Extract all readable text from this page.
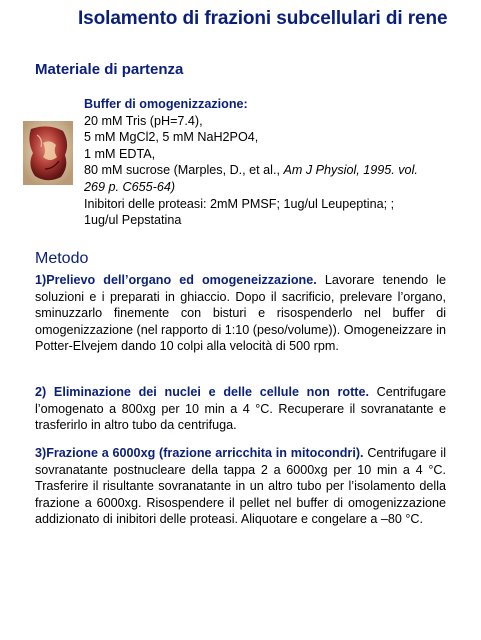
Isolamento di frazioni subcellulari di rene
Materiale di partenza
Buffer di omogenizzazione:
20 mM Tris (pH=7.4),
5 mM MgCl2, 5 mM NaH2PO4,
1 mM EDTA,
80 mM sucrose (Marples, D., et al., Am J Physiol, 1995. vol.
269 p. C655-64)
Inibitori delle proteasi: 2mM PMSF; 1ug/ul Leupeptina; ;
1ug/ul Pepstatina
Metodo
1)Prelievo dell’organo ed omogeneizzazione. Lavorare tenendo le soluzioni e i preparati in ghiaccio. Dopo il sacrificio, prelevare l’organo, sminuzzarlo finemente con bisturi e risospenderlo nel buffer di omogenizzazione (nel rapporto di 1:10 (peso/volume)). Omogeneizzare in Potter-Elvejem dando 10 colpi alla velocità di 500 rpm.
2) Eliminazione dei nuclei e delle cellule non rotte. Centrifugare l’omogenato a 800xg per 10 min a 4 °C. Recuperare il sovranatante e trasferirlo in altro tubo da centrifuga.
3)Frazione a 6000xg (frazione arricchita in mitocondri). Centrifugare il sovranatante postnucleare della tappa 2 a 6000xg per 10 min a 4 °C. Trasferire il risultante sovranatante in un altro tubo per l’isolamento della frazione a 6000xg. Risospendere il pellet nel buffer di omogenizzazione addizionato di inibitori delle proteasi. Aliquotare e congelare a –80 °C.
